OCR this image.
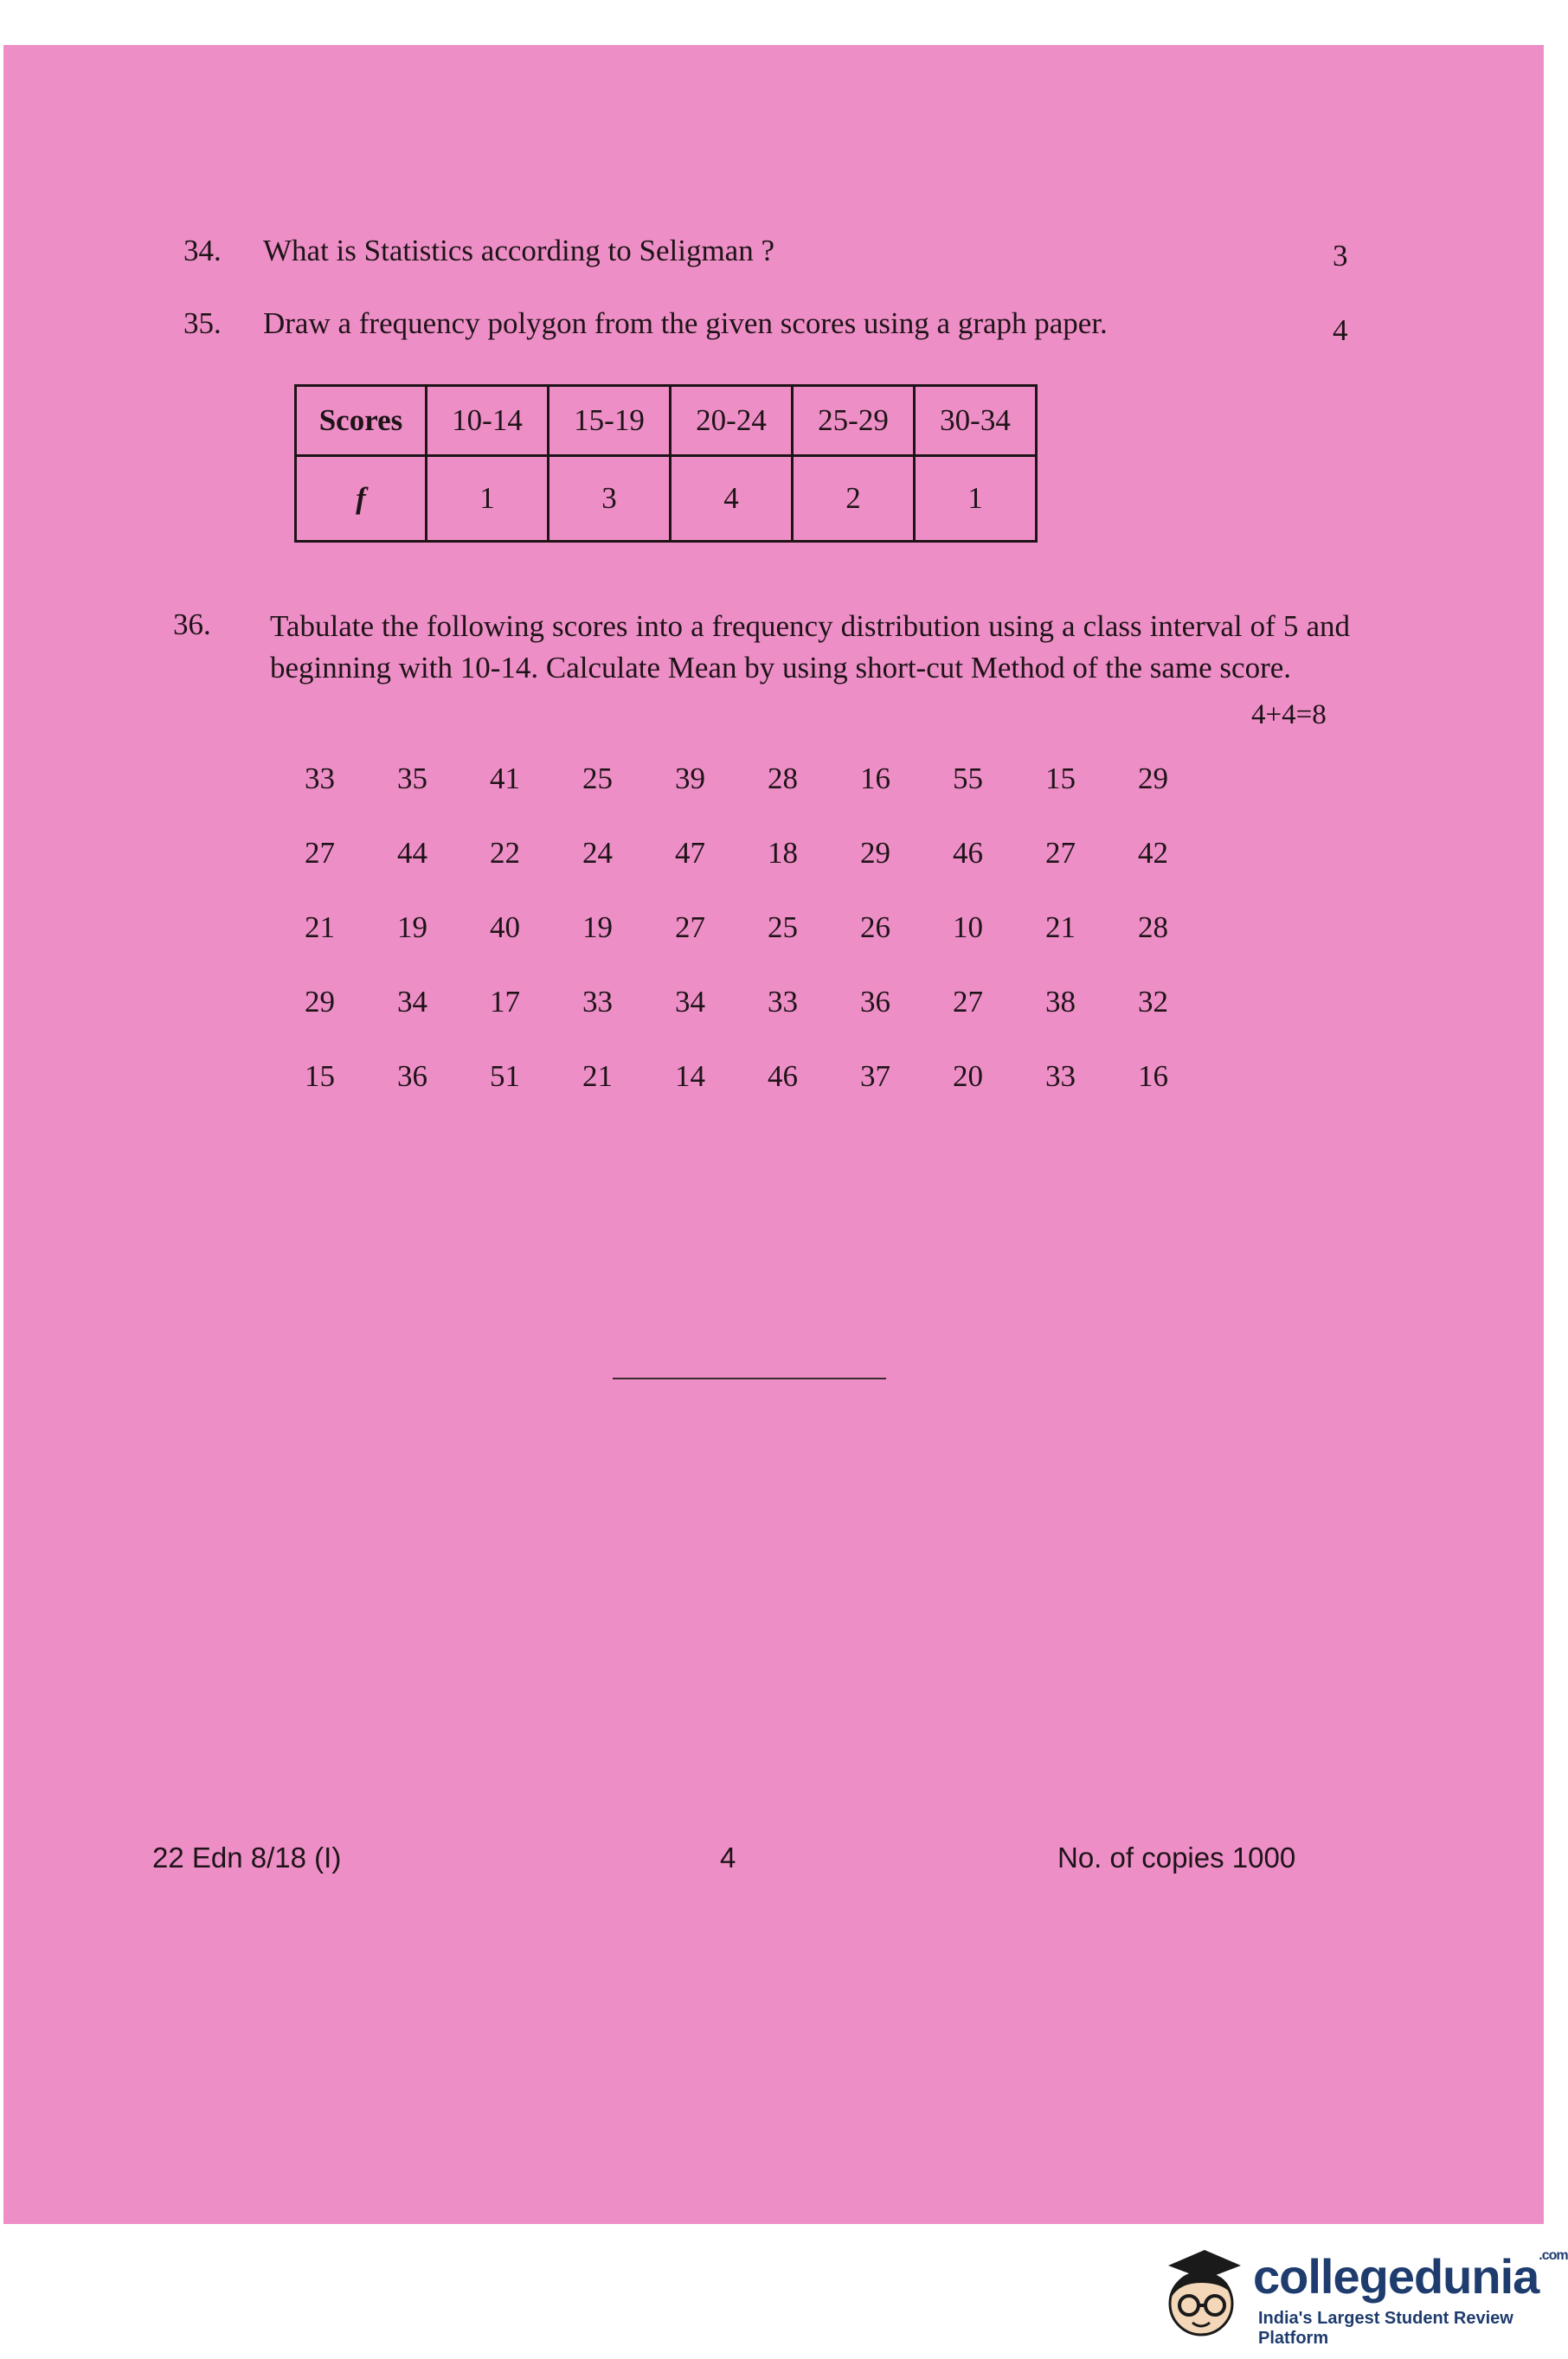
34. What is Statistics according to Seligman ?	3
35. Draw a frequency polygon from the given scores using a graph paper.	4
Scores	10-14	15-19	20-24	25-29	30-34
f	1	3	4	2	1
36. Tabulate the following scores into a frequency distribution using a class interval of 5 and beginning with 10-14. Calculate Mean by using short-cut Method of the same score.
4+4=8
33	35	41	25	39	28	16	55	15	29
27	44	22	24	47	18	29	46	27	42
21	19	40	19	27	25	26	10	21	28
29	34	17	33	34	33	36	27	38	32
15	36	51	21	14	46	37	20	33	16
22 Edn 8/18 (I)	4	No. of copies 1000
collegedunia$^{.com}$
India's Largest Student Review Platform
